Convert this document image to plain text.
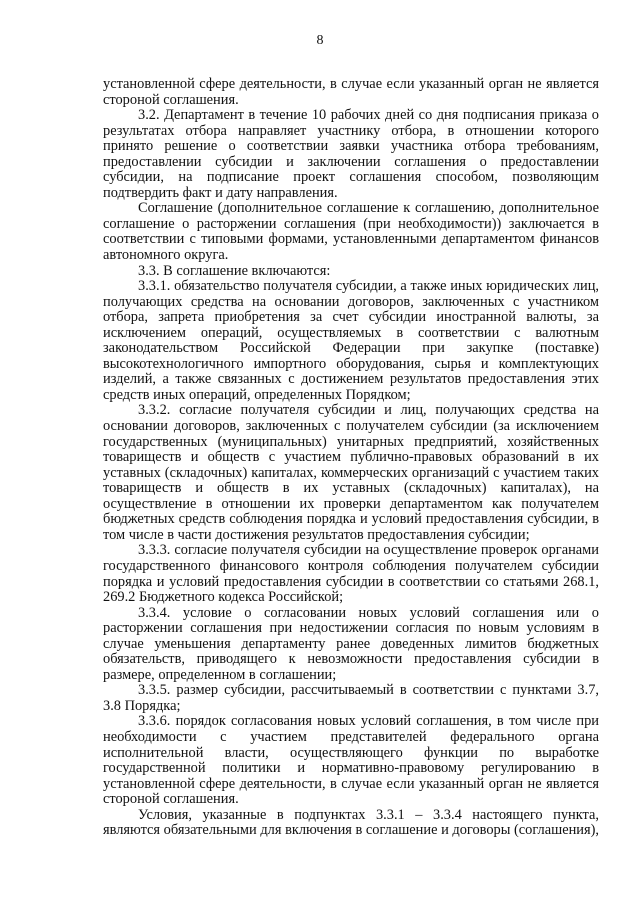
8

установленной сфере деятельности, в случае если указанный орган не является стороной соглашения.

3.2. Департамент в течение 10 рабочих дней со дня подписания приказа о результатах отбора направляет участнику отбора, в отношении которого принято решение о соответствии заявки участника отбора требованиям, предоставлении субсидии и заключении соглашения о предоставлении субсидии, на подписание проект соглашения способом, позволяющим подтвердить факт и дату направления.

Соглашение (дополнительное соглашение к соглашению, дополнительное соглашение о расторжении соглашения (при необходимости)) заключается в соответствии с типовыми формами, установленными департаментом финансов автономного округа.

3.3. В соглашение включаются:

3.3.1. обязательство получателя субсидии, а также иных юридических лиц, получающих средства на основании договоров, заключенных с участником отбора, запрета приобретения за счет субсидии иностранной валюты, за исключением операций, осуществляемых в соответствии с валютным законодательством Российской Федерации при закупке (поставке) высокотехнологичного импортного оборудования, сырья и комплектующих изделий, а также связанных с достижением результатов предоставления этих средств иных операций, определенных Порядком;

3.3.2. согласие получателя субсидии и лиц, получающих средства на основании договоров, заключенных с получателем субсидии (за исключением государственных (муниципальных) унитарных предприятий, хозяйственных товариществ и обществ с участием публично-правовых образований в их уставных (складочных) капиталах, коммерческих организаций с участием таких товариществ и обществ в их уставных (складочных) капиталах), на осуществление в отношении их проверки департаментом как получателем бюджетных средств соблюдения порядка и условий предоставления субсидии, в том числе в части достижения результатов предоставления субсидии;

3.3.3. согласие получателя субсидии на осуществление проверок органами государственного финансового контроля соблюдения получателем субсидии порядка и условий предоставления субсидии в соответствии со статьями 268.1, 269.2 Бюджетного кодекса Российской;

3.3.4. условие о согласовании новых условий соглашения или о расторжении соглашения при недостижении согласия по новым условиям в случае уменьшения департаменту ранее доведенных лимитов бюджетных обязательств, приводящего к невозможности предоставления субсидии в размере, определенном в соглашении;

3.3.5. размер субсидии, рассчитываемый в соответствии с пунктами 3.7, 3.8 Порядка;

3.3.6. порядок согласования новых условий соглашения, в том числе при необходимости с участием представителей федерального органа исполнительной власти, осуществляющего функции по выработке государственной политики и нормативно-правовому регулированию в установленной сфере деятельности, в случае если указанный орган не является стороной соглашения.

Условия, указанные в подпунктах 3.3.1 – 3.3.4 настоящего пункта, являются обязательными для включения в соглашение и договоры (соглашения),
